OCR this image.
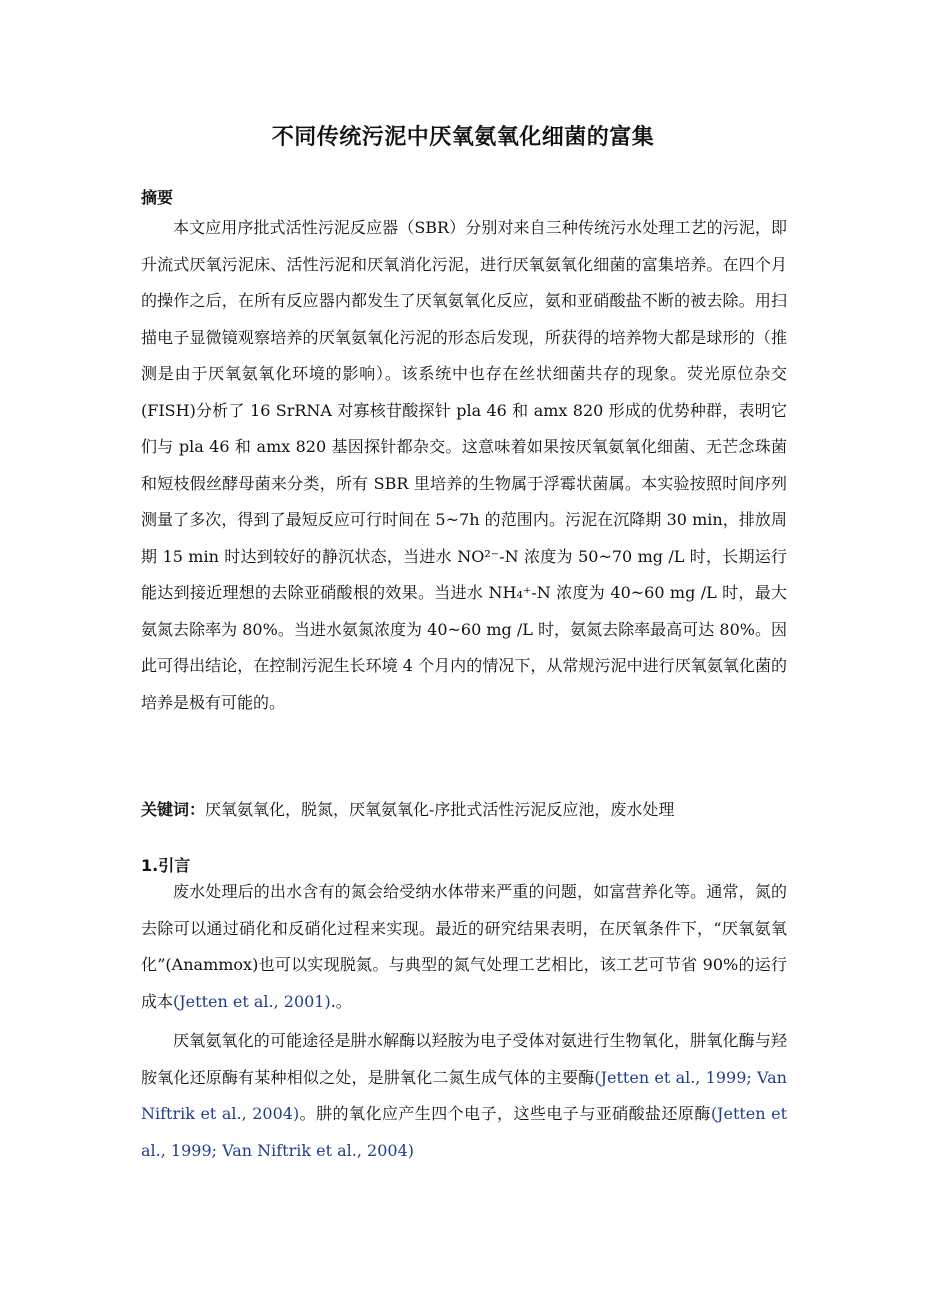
不同传统污泥中厌氧氨氧化细菌的富集
摘要

本文应用序批式活性污泥反应器（SBR）分别对来自三种传统污水处理工艺的污泥，即升流式厌氧污泥床、活性污泥和厌氧消化污泥，进行厌氧氨氧化细菌的富集培养。在四个月的操作之后，在所有反应器内都发生了厌氧氨氧化反应，氨和亚硝酸盐不断的被去除。用扫描电子显微镜观察培养的厌氧氨氧化污泥的形态后发现，所获得的培养物大都是球形的（推测是由于厌氧氨氧化环境的影响）。该系统中也存在丝状细菌共存的现象。荧光原位杂交(FISH)分析了 16 SrRNA 对寡核苷酸探针 pla 46 和 amx 820 形成的优势种群，表明它们与 pla 46 和 amx 820 基因探针都杂交。这意味着如果按厌氧氨氧化细菌、无芒念珠菌和短枝假丝酵母菌来分类，所有 SBR 里培养的生物属于浮霉状菌属。本实验按照时间序列测量了多次，得到了最短反应可行时间在 5~7h 的范围内。污泥在沉降期 30 min，排放周期 15 min 时达到较好的静沉状态，当进水 NO²⁻-N 浓度为 50~70 mg /L 时，长期运行能达到接近理想的去除亚硝酸根的效果。当进水 NH₄⁺-N 浓度为 40~60 mg /L 时，最大氨氮去除率为 80%。当进水氨氮浓度为 40~60 mg /L 时，氨氮去除率最高可达 80%。因此可得出结论，在控制污泥生长环境 4 个月内的情况下，从常规污泥中进行厌氧氨氧化菌的培养是极有可能的。

关键词：厌氧氨氧化，脱氮，厌氧氨氧化-序批式活性污泥反应池，废水处理
1.引言

废水处理后的出水含有的氮会给受纳水体带来严重的问题，如富营养化等。通常，氮的去除可以通过硝化和反硝化过程来实现。最近的研究结果表明，在厌氧条件下，“厌氧氨氧化”(Anammox)也可以实现脱氮。与典型的氮气处理工艺相比，该工艺可节省 90%的运行成本(Jetten et al., 2001).。

厌氧氨氧化的可能途径是肼水解酶以羟胺为电子受体对氨进行生物氧化，肼氧化酶与羟胺氧化还原酶有某种相似之处，是肼氧化二氮生成气体的主要酶(Jetten et al., 1999; Van Niftrik et al., 2004)。肼的氧化应产生四个电子，这些电子与亚硝酸盐还原酶(Jetten et al., 1999; Van Niftrik et al., 2004)
